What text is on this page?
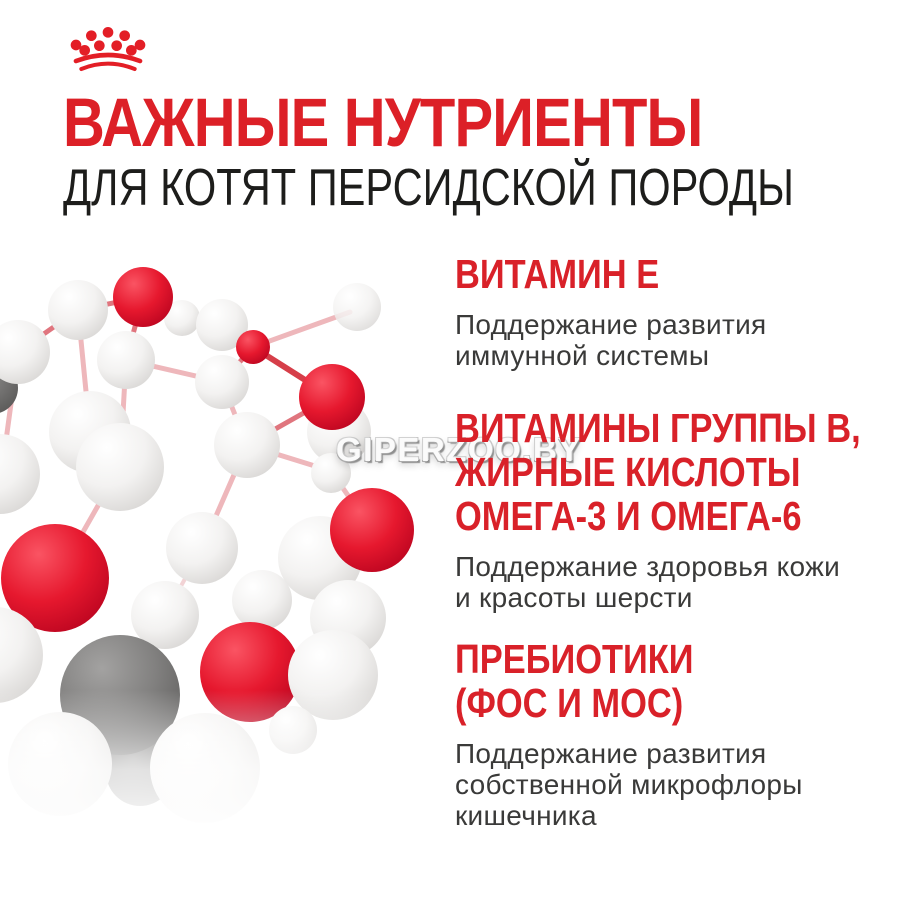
ВАЖНЫЕ НУТРИЕНТЫ
ДЛЯ КОТЯТ ПЕРСИДСКОЙ ПОРОДЫ
GIPERZOO.BY
ВИТАМИН Е
Поддержание развития
иммунной системы
ВИТАМИНЫ ГРУППЫ В,
ЖИРНЫЕ КИСЛОТЫ
ОМЕГА-3 И ОМЕГА-6
Поддержание здоровья кожи
и красоты шерсти
ПРЕБИОТИКИ
(ФОС И МОС)
Поддержание развития
собственной микрофлоры
кишечника
